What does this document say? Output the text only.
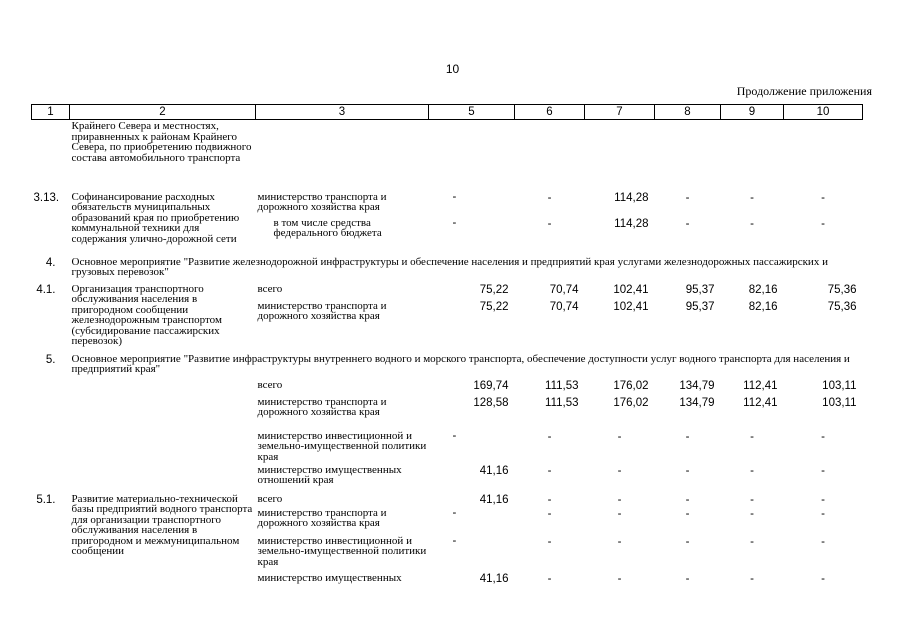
10
Продолжение приложения
1	2	3	5	6	7	8	9	10
	Крайнего Севера и местностях, приравненных к районам Крайнего Севера, по приобретению подвижного состава автомобильного транспорта							
3.13.	Софинансирование расходных обязательств муниципальных образований края по приобретению коммунальной техники для содержания улично-дорожной сети	министерство транспорта и дорожного хозяйства края	-	-	114,28	-	-	-
		в том числе средства федерального бюджета	-	-	114,28	-	-	-
4.	Основное мероприятие "Развитие железнодорожной инфраструктуры и обеспечение населения и предприятий края услугами железнодорожных пассажирских и грузовых перевозок"							
4.1.	Организация транспортного обслуживания населения в пригородном сообщении железнодорожным транспортом (субсидирование пассажирских перевозок)	всего	75,22	70,74	102,41	95,37	82,16	75,36
		министерство транспорта и дорожного хозяйства края	75,22	70,74	102,41	95,37	82,16	75,36
5.	Основное мероприятие "Развитие инфраструктуры внутреннего водного и морского транспорта, обеспечение доступности услуг водного транспорта для населения и предприятий края"							
		всего	169,74	111,53	176,02	134,79	112,41	103,11
		министерство транспорта и дорожного хозяйства края	128,58	111,53	176,02	134,79	112,41	103,11
		министерство инвестиционной и земельно-имущественной политики края	-	-	-	-	-	-
		министерство имущественных отношений края	41,16	-	-	-	-	-
5.1.	Развитие материально-технической базы предприятий водного транспорта для организации транспортного обслуживания населения в пригородном и межмуниципальном сообщении	всего	41,16	-	-	-	-	-
		министерство транспорта и дорожного хозяйства края	-	-	-	-	-	-
		министерство инвестиционной и земельно-имущественной политики края	-	-	-	-	-	-
		министерство имущественных	41,16	-	-	-	-	-
